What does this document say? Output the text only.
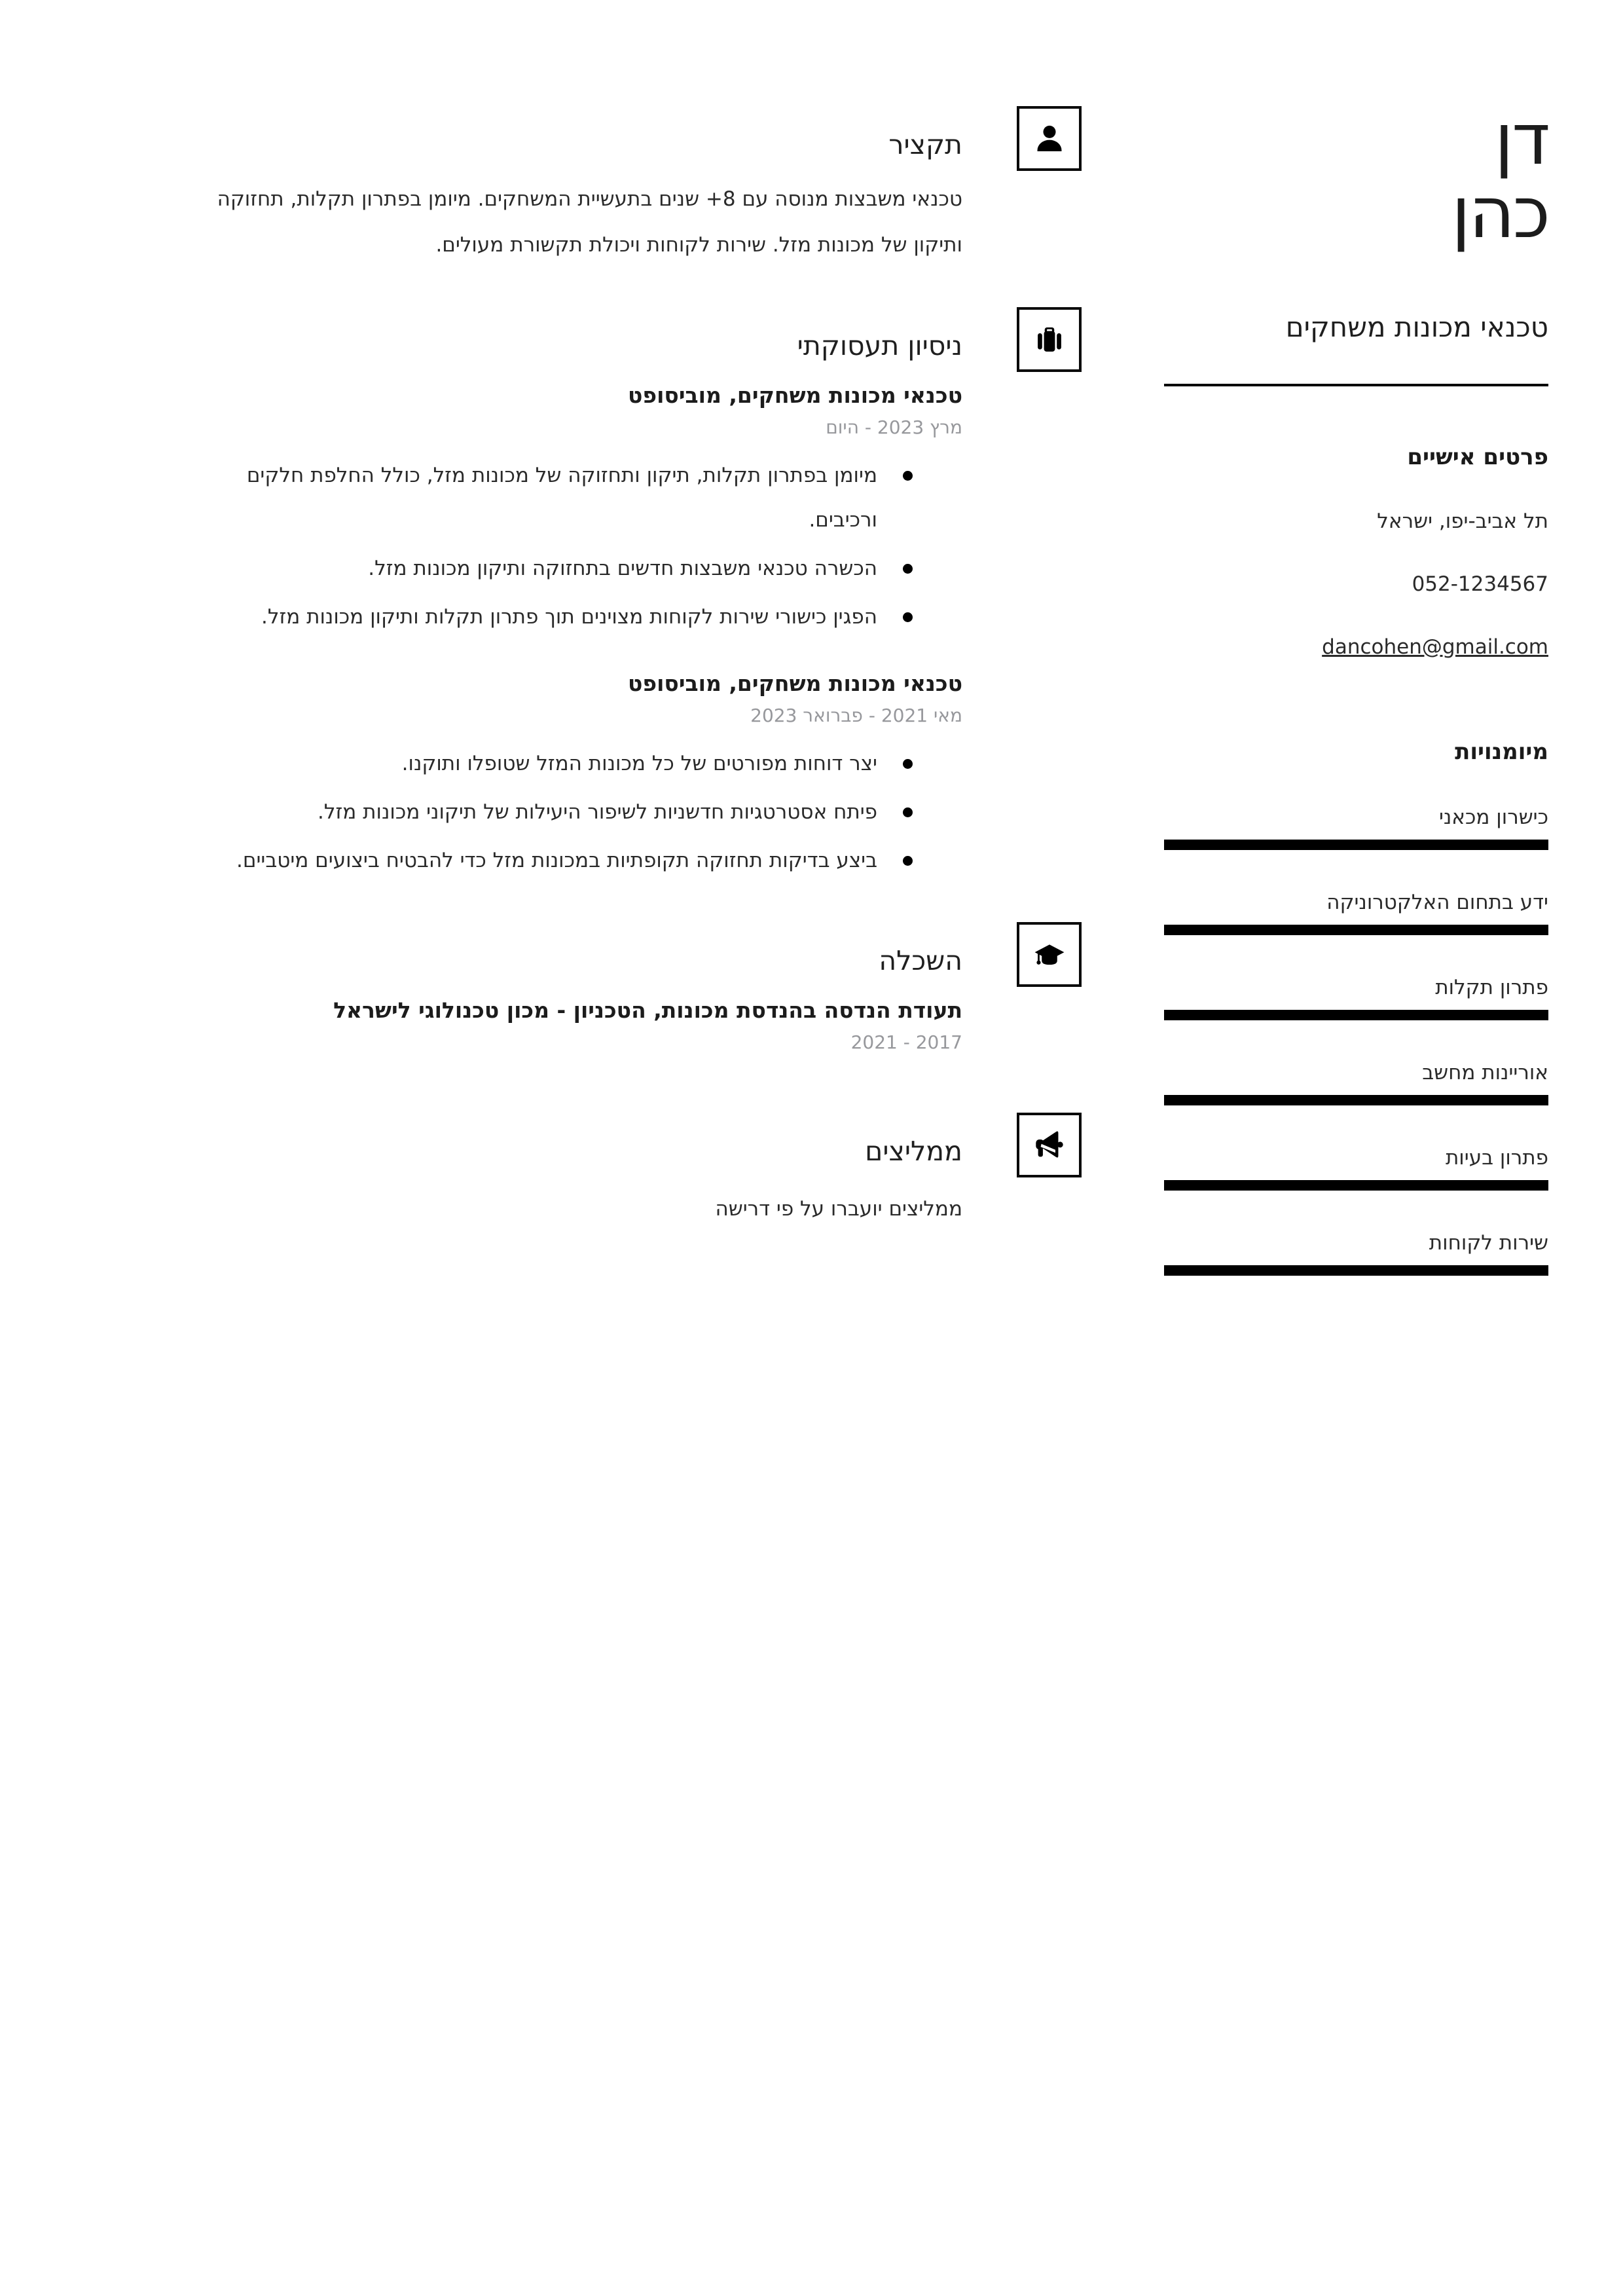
דן
כהן
טכנאי מכונות משחקים
פרטים אישיים
תל אביב-יפו, ישראל
052-1234567
dancohen@gmail.com
מיומנויות
כישרון מכאני
ידע בתחום האלקטרוניקה
פתרון תקלות
אוריינות מחשב
פתרון בעיות
שירות לקוחות
תקציר

טכנאי משבצות מנוסה עם 8+ שנים בתעשיית המשחקים. מיומן בפתרון תקלות, תחזוקה ותיקון של מכונות מזל. שירות לקוחות ויכולת תקשורת מעולים.

ניסיון תעסוקתי
טכנאי מכונות משחקים, מוביסופט
מרץ 2023 - היום
מיומן בפתרון תקלות, תיקון ותחזוקה של מכונות מזל, כולל החלפת חלקים ורכיבים.
הכשרה טכנאי משבצות חדשים בתחזוקה ותיקון מכונות מזל.
הפגין כישורי שירות לקוחות מצוינים תוך פתרון תקלות ותיקון מכונות מזל.
טכנאי מכונות משחקים, מוביסופט
מאי 2021 - פברואר 2023
יצר דוחות מפורטים של כל מכונות המזל שטופלו ותוקנו.
פיתח אסטרטגיות חדשניות לשיפור היעילות של תיקוני מכונות מזל.
ביצע בדיקות תחזוקה תקופתיות במכונות מזל כדי להבטיח ביצועים מיטביים.
השכלה
תעודת הנדסה בהנדסת מכונות, הטכניון - מכון טכנולוגי לישראל
2017 - 2021
ממליצים

ממליצים יועברו על פי דרישה
